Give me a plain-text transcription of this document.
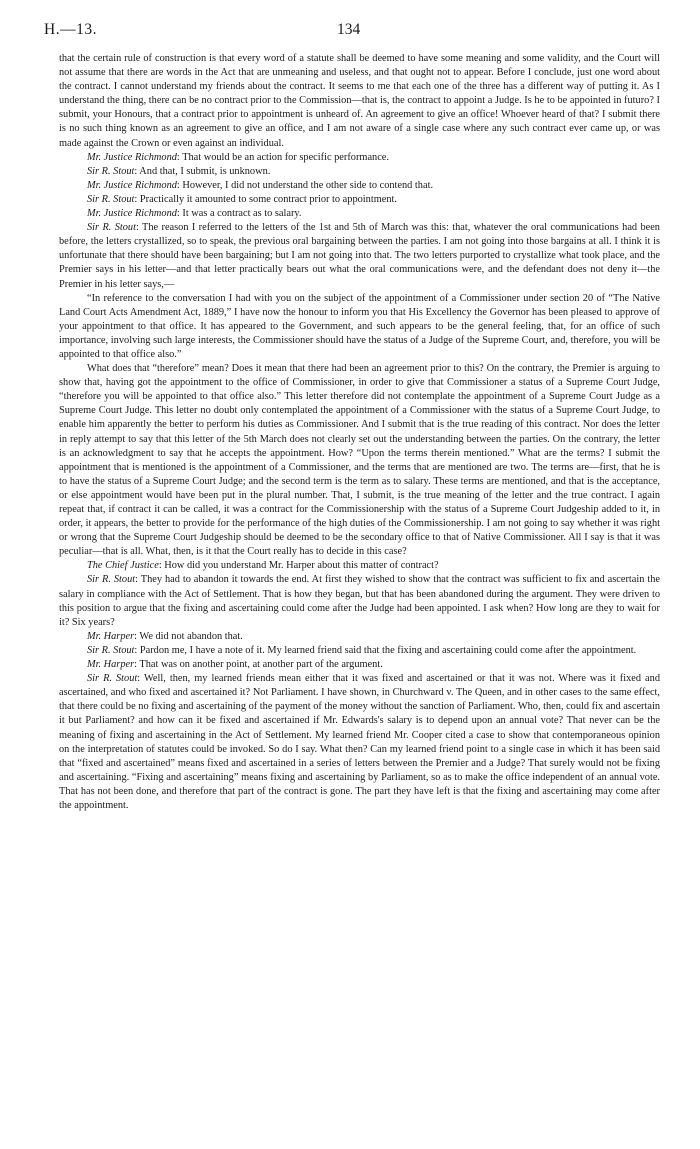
H.—13.	134

that the certain rule of construction is that every word of a statute shall be deemed to have some meaning and some validity, and the Court will not assume that there are words in the Act that are unmeaning and useless, and that ought not to appear. Before I conclude, just one word about the contract. I cannot understand my friends about the contract. It seems to me that each one of the three has a different way of putting it. As I understand the thing, there can be no contract prior to the Commission—that is, the contract to appoint a Judge. Is he to be appointed in futuro? I submit, your Honours, that a contract prior to appointment is unheard of. An agreement to give an office! Whoever heard of that? I submit there is no such thing known as an agreement to give an office, and I am not aware of a single case where any such contract ever came up, or was made against the Crown or even against an individual.

Mr. Justice Richmond: That would be an action for specific performance.

Sir R. Stout: And that, I submit, is unknown.

Mr. Justice Richmond: However, I did not understand the other side to contend that.

Sir R. Stout: Practically it amounted to some contract prior to appointment.

Mr. Justice Richmond: It was a contract as to salary.

Sir R. Stout: The reason I referred to the letters of the 1st and 5th of March was this: that, whatever the oral communications had been before, the letters crystallized, so to speak, the previous oral bargaining between the parties. I am not going into those bargains at all. I think it is unfortunate that there should have been bargaining; but I am not going into that. The two letters purported to crystallize what took place, and the Premier says in his letter—and that letter practically bears out what the oral communications were, and the defendant does not deny it—the Premier in his letter says,—

“In reference to the conversation I had with you on the subject of the appointment of a Commissioner under section 20 of “The Native Land Court Acts Amendment Act, 1889,” I have now the honour to inform you that His Excellency the Governor has been pleased to approve of your appointment to that office. It has appeared to the Government, and such appears to be the general feeling, that, for an office of such importance, involving such large interests, the Commissioner should have the status of a Judge of the Supreme Court, and, therefore, you will be appointed to that office also.”

What does that “therefore” mean? Does it mean that there had been an agreement prior to this? On the contrary, the Premier is arguing to show that, having got the appointment to the office of Commissioner, in order to give that Commissioner a status of a Supreme Court Judge, “therefore you will be appointed to that office also.” This letter therefore did not contemplate the appointment of a Supreme Court Judge as a Supreme Court Judge. This letter no doubt only contemplated the appointment of a Commissioner with the status of a Supreme Court Judge, to enable him apparently the better to perform his duties as Commissioner. And I submit that is the true reading of this contract. Nor does the letter in reply attempt to say that this letter of the 5th March does not clearly set out the understanding between the parties. On the contrary, the letter is an acknowledgment to say that he accepts the appointment. How? “Upon the terms therein mentioned.” What are the terms? I submit the appointment that is mentioned is the appointment of a Commissioner, and the terms that are mentioned are two. The terms are—first, that he is to have the status of a Supreme Court Judge; and the second term is the term as to salary. These terms are mentioned, and that is the acceptance, or else appointment would have been put in the plural number. That, I submit, is the true meaning of the letter and the true contract. I again repeat that, if contract it can be called, it was a contract for the Commissionership with the status of a Supreme Court Judgeship added to it, in order, it appears, the better to provide for the performance of the high duties of the Commissionership. I am not going to say whether it was right or wrong that the Supreme Court Judgeship should be deemed to be the secondary office to that of Native Commissioner. All I say is that it was peculiar—that is all. What, then, is it that the Court really has to decide in this case?

The Chief Justice: How did you understand Mr. Harper about this matter of contract?

Sir R. Stout: They had to abandon it towards the end. At first they wished to show that the contract was sufficient to fix and ascertain the salary in compliance with the Act of Settlement. That is how they began, but that has been abandoned during the argument. They were driven to this position to argue that the fixing and ascertaining could come after the Judge had been appointed. I ask when? How long are they to wait for it? Six years?

Mr. Harper: We did not abandon that.

Sir R. Stout: Pardon me, I have a note of it. My learned friend said that the fixing and ascertaining could come after the appointment.

Mr. Harper: That was on another point, at another part of the argument.

Sir R. Stout: Well, then, my learned friends mean either that it was fixed and ascertained or that it was not. Where was it fixed and ascertained, and who fixed and ascertained it? Not Parliament. I have shown, in Churchward v. The Queen, and in other cases to the same effect, that there could be no fixing and ascertaining of the payment of the money without the sanction of Parliament. Who, then, could fix and ascertain it but Parliament? and how can it be fixed and ascertained if Mr. Edwards's salary is to depend upon an annual vote? That never can be the meaning of fixing and ascertaining in the Act of Settlement. My learned friend Mr. Cooper cited a case to show that contemporaneous opinion on the interpretation of statutes could be invoked. So do I say. What then? Can my learned friend point to a single case in which it has been said that “fixed and ascertained” means fixed and ascertained in a series of letters between the Premier and a Judge? That surely would not be fixing and ascertaining. “Fixing and ascertaining” means fixing and ascertaining by Parliament, so as to make the office independent of an annual vote. That has not been done, and therefore that part of the contract is gone. The part they have left is that the fixing and ascertaining may come after the appointment.
